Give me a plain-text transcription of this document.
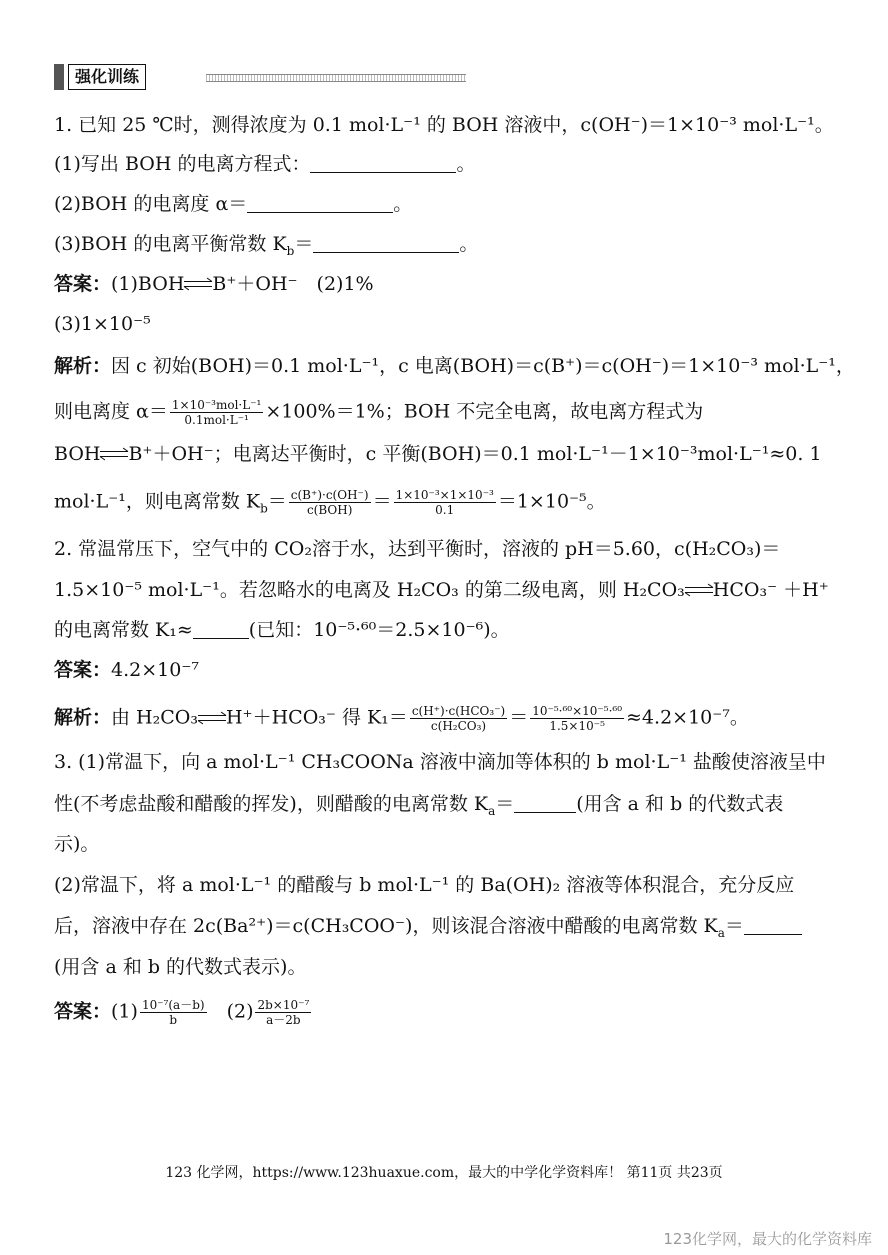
强化训练
1. 已知 25 ℃时，测得浓度为 0.1 mol·L⁻¹ 的 BOH 溶液中，c(OH⁻)＝1×10⁻³ mol·L⁻¹。
(1)写出 BOH 的电离方程式：	。
(2)BOH 的电离度 α＝	。
(3)BOH 的电离平衡常数 $K_b=$	。
答案：(1)BOH B⁺＋OH⁻　(2)1%
(3)1×10⁻⁵
解析：因 c 初始(BOH)＝0.1 mol·L⁻¹，c 电离(BOH)＝c(B⁺)＝c(OH⁻)＝1×10⁻³ mol·L⁻¹，
则电离度 $\alpha= \frac{\text{1×10⁻³mol·L⁻¹}}{\text{0.1mol·L⁻¹}} \times 100\%=1\%$；BOH 不完全电离，故电离方程式为
BOH B⁺＋OH⁻；电离达平衡时，c 平衡(BOH)＝0.1 mol·L⁻¹－1×10⁻³mol·L⁻¹≈0. 1
mol·L⁻¹，则电离常数 $K_b= \frac{c(B^+)\cdot c(OH^-)}{\text{c(BOH)}} = \frac{\text{1×10⁻³×1×10⁻³}}{0.1} =1\times 10^{-5}$。
2. 常温常压下，空气中的 CO₂溶于水，达到平衡时，溶液的 pH＝5.60，c(H₂CO₃)＝
1.5×10⁻⁵ mol·L⁻¹。若忽略水的电离及 H₂CO₃ 的第二级电离，则 H₂CO₃ HCO₃⁻ ＋H⁺
的电离常数 K₁≈	(已知：10⁻⁵·⁶⁰＝2.5×10⁻⁶)。
答案：4.2×10⁻⁷
解析：由 H₂CO₃ H⁺＋HCO₃⁻ 得 $K_1= \frac{\text{c(H⁺)·c(HCO₃⁻)}}{\text{c(H₂CO₃)}} = \frac{\text{10⁻⁵·⁶⁰×10⁻⁵·⁶⁰}}{\text{1.5×10⁻⁵}} \approx 4.2\times 10^{-7}$。
3. (1)常温下，向 a mol·L⁻¹ CH₃COONa 溶液中滴加等体积的 b mol·L⁻¹ 盐酸使溶液呈中
性(不考虑盐酸和醋酸的挥发)，则醋酸的电离常数 $K_a=$	(用含 a 和 b 的代数式表
示)。
(2)常温下，将 a mol·L⁻¹ 的醋酸与 b mol·L⁻¹ 的 Ba(OH)₂ 溶液等体积混合，充分反应
后，溶液中存在 2c(Ba²⁺)＝c(CH₃COO⁻)，则该混合溶液中醋酸的电离常数 $K_a=$
(用含 a 和 b 的代数式表示)。
答案：$(1) \frac{\text{10⁻⁷(a－b)}}{b} (2) \frac{\text{2b×10⁻⁷}}{a-2b}$
123 化学网，https://www.123huaxue.com，最大的中学化学资料库！ 第11页 共23页
123化学网，最大的化学资料库
